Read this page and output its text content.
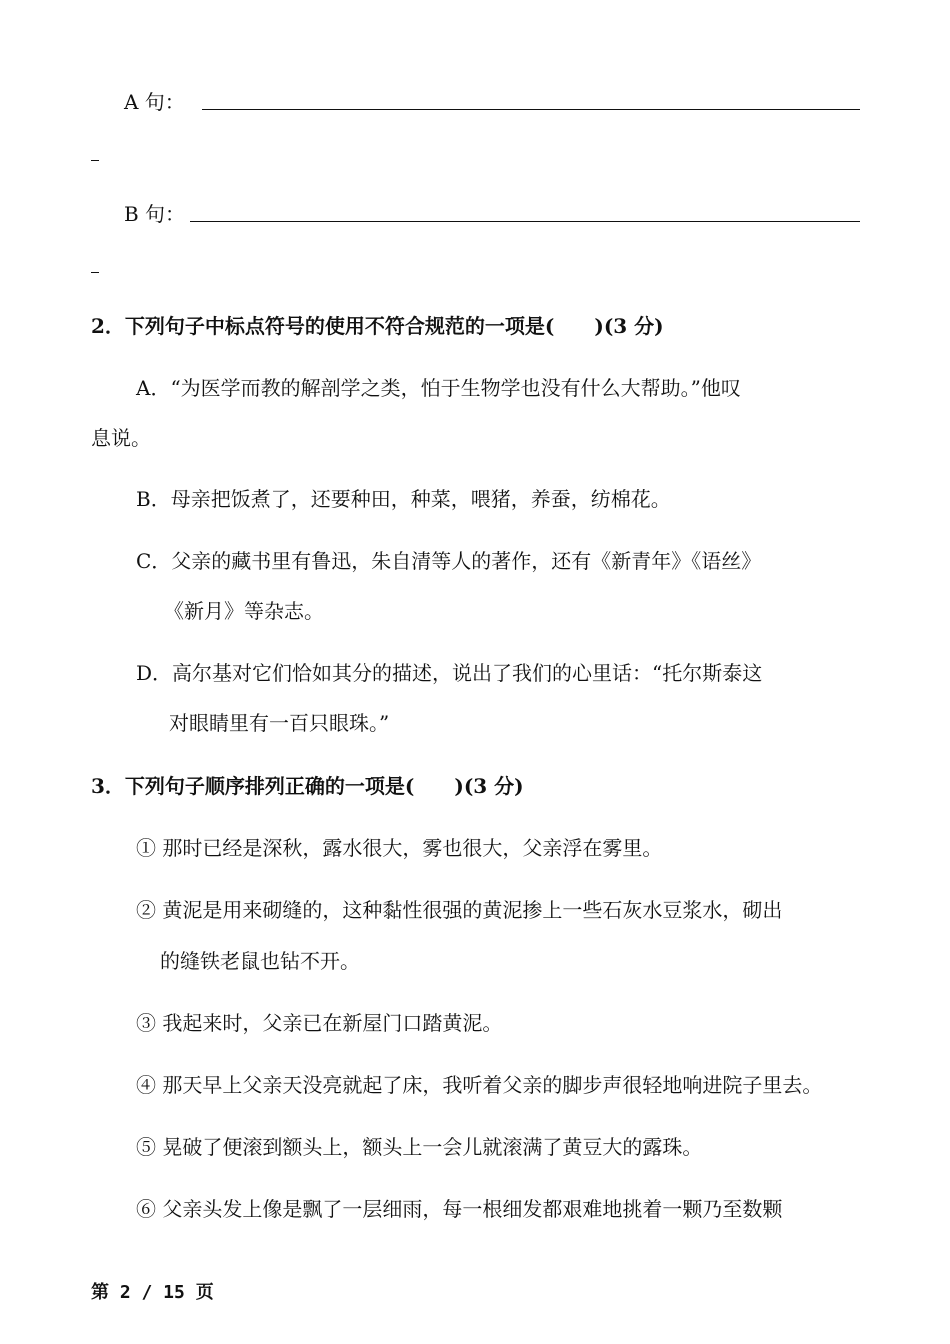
A 句：
B 句：
2．下列句子中标点符号的使用不符合规范的一项是(　　)(3 分)
A．“为医学而教的解剖学之类，怕于生物学也没有什么大帮助。”他叹
息说。
B．母亲把饭煮了，还要种田，种菜，喂猪，养蚕，纺棉花。
C．父亲的藏书里有鲁迅，朱自清等人的著作，还有《新青年》《语丝》
《新月》等杂志。
D．高尔基对它们恰如其分的描述，说出了我们的心里话：“托尔斯泰这
对眼睛里有一百只眼珠。”
3．下列句子顺序排列正确的一项是(　　)(3 分)
① 那时已经是深秋，露水很大，雾也很大，父亲浮在雾里。
② 黄泥是用来砌缝的，这种黏性很强的黄泥掺上一些石灰水豆浆水，砌出
的缝铁老鼠也钻不开。
③ 我起来时，父亲已在新屋门口踏黄泥。
④ 那天早上父亲天没亮就起了床，我听着父亲的脚步声很轻地响进院子里去。
⑤ 晃破了便滚到额头上，额头上一会儿就滚满了黄豆大的露珠。
⑥ 父亲头发上像是飘了一层细雨，每一根细发都艰难地挑着一颗乃至数颗
第 2 / 15 页
